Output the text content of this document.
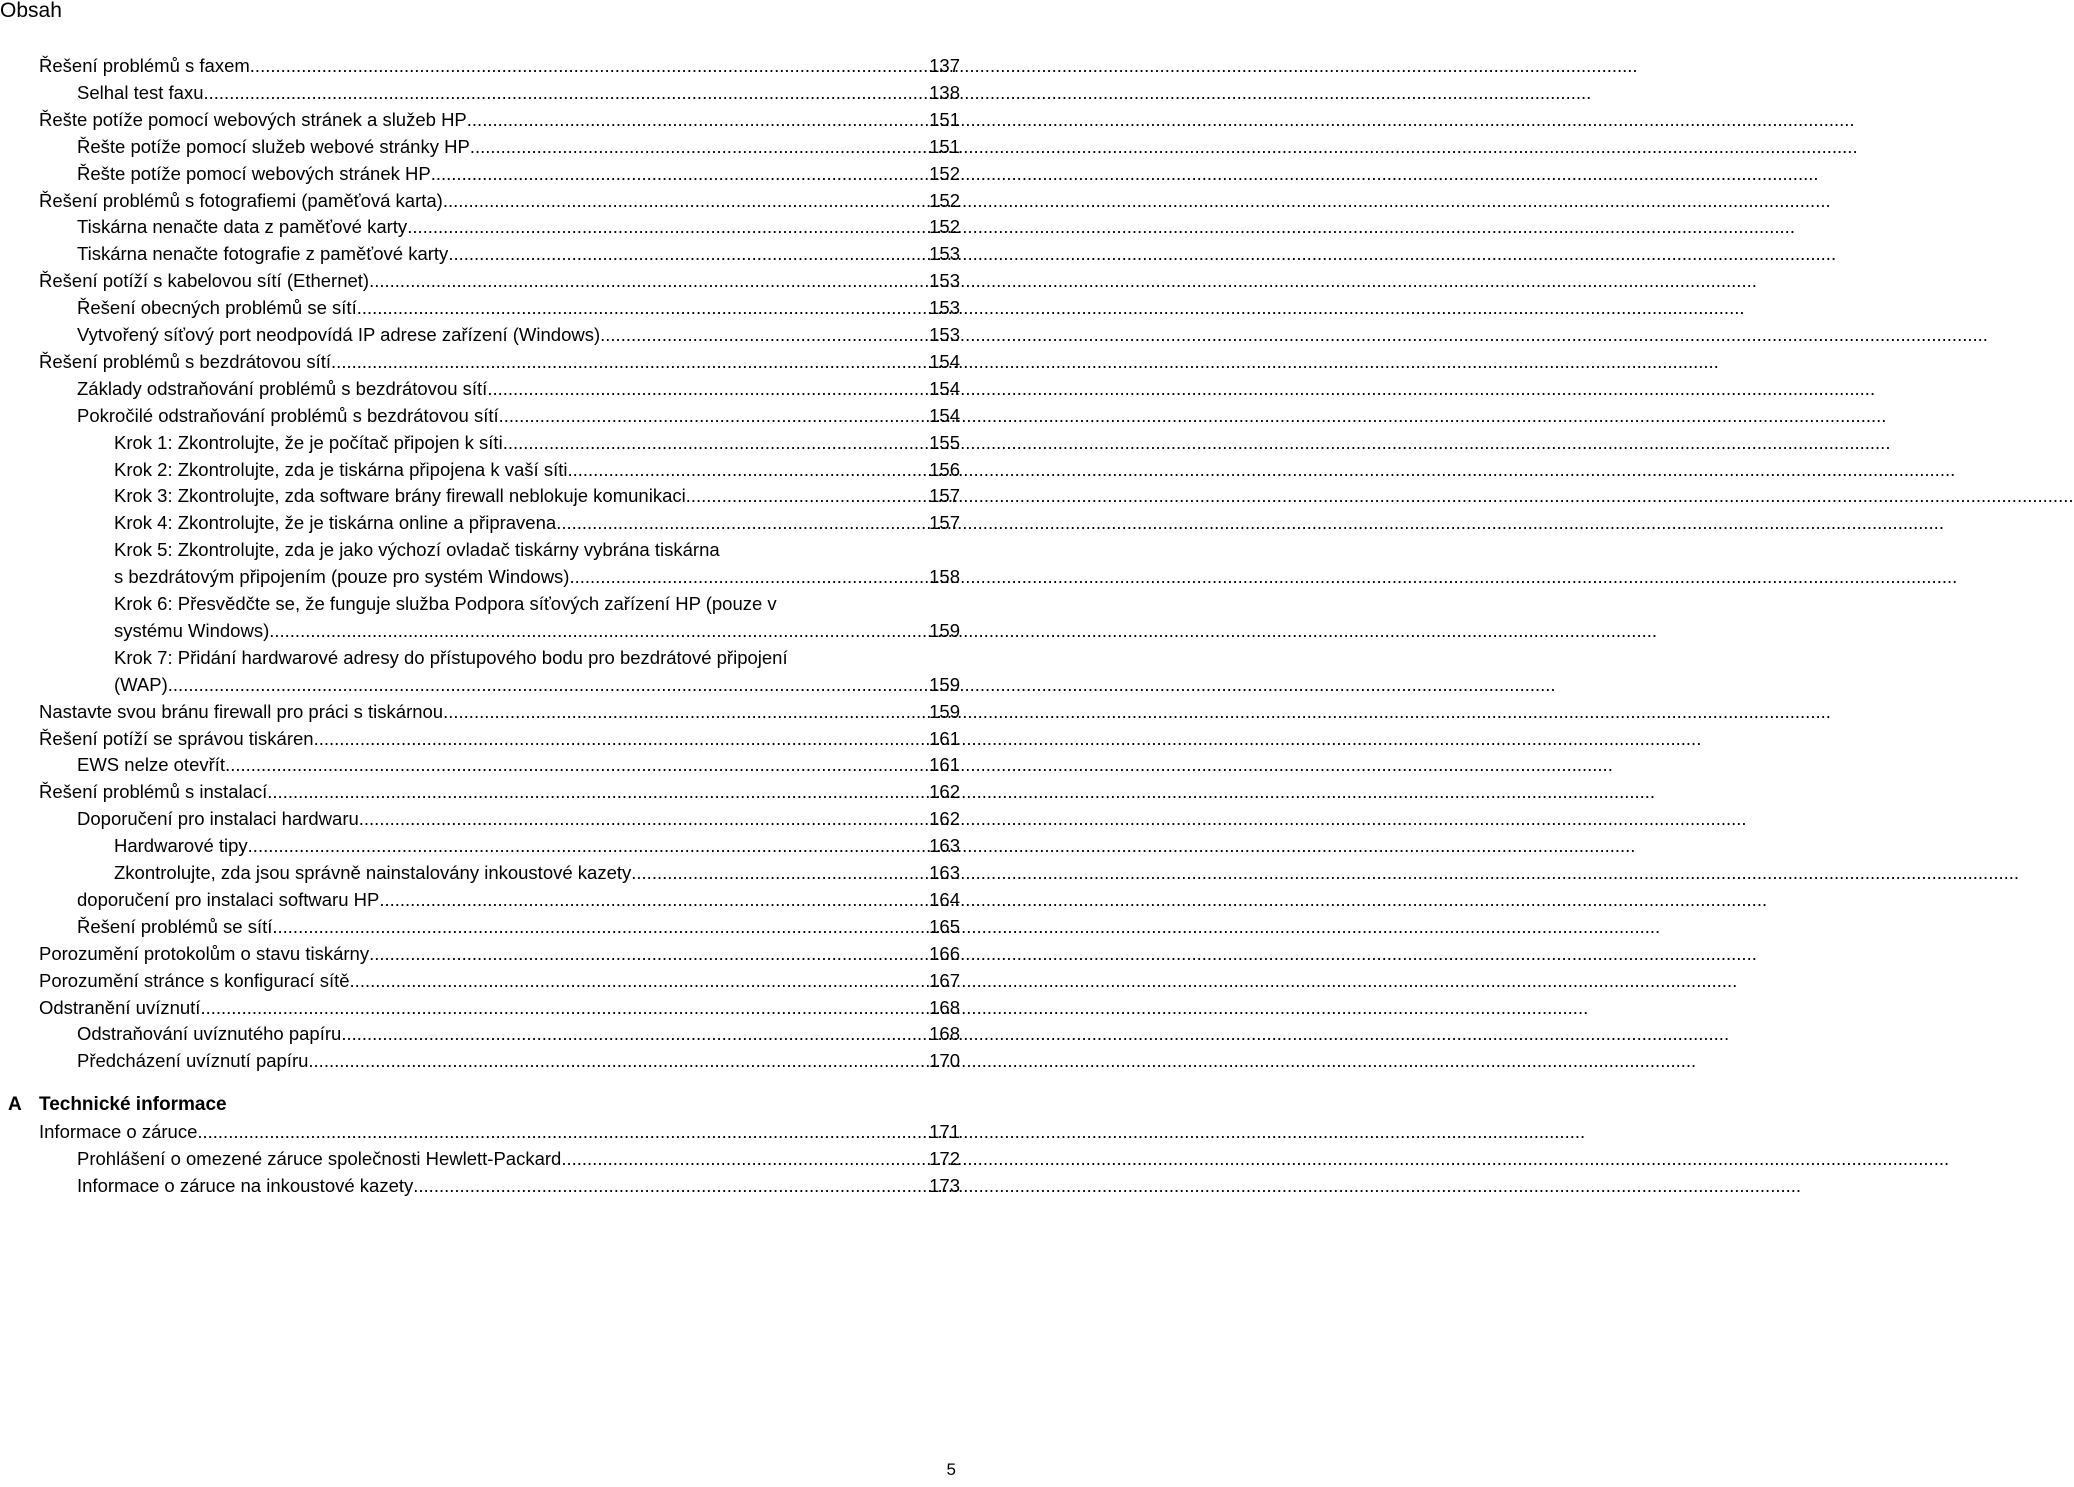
Obsah
Řešení problémů s faxem .....	137
Selhal test faxu .....	138
Řešte potíže pomocí webových stránek a služeb HP .....	151
Řešte potíže pomocí služeb webové stránky HP .....	151
Řešte potíže pomocí webových stránek HP .....	152
Řešení problémů s fotografiemi (paměťová karta) .....	152
Tiskárna nenačte data z paměťové karty .....	152
Tiskárna nenačte fotografie z paměťové karty .....	153
Řešení potíží s kabelovou sítí (Ethernet) .....	153
Řešení obecných problémů se sítí .....	153
Vytvořený síťový port neodpovídá IP adrese zařízení (Windows) .....	153
Řešení problémů s bezdrátovou sítí .....	154
Základy odstraňování problémů s bezdrátovou sítí .....	154
Pokročilé odstraňování problémů s bezdrátovou sítí .....	154
Krok 1: Zkontrolujte, že je počítač připojen k síti .....	155
Krok 2: Zkontrolujte, zda je tiskárna připojena k vaší síti .....	156
Krok 3: Zkontrolujte, zda software brány firewall neblokuje komunikaci .....	157
Krok 4: Zkontrolujte, že je tiskárna online a připravena .....	157
Krok 5: Zkontrolujte, zda je jako výchozí ovladač tiskárny vybrána tiskárna
s bezdrátovým připojením (pouze pro systém Windows) .....	158
Krok 6: Přesvědčte se, že funguje služba Podpora síťových zařízení HP (pouze v
systému Windows) .....	159
Krok 7: Přidání hardwarové adresy do přístupového bodu pro bezdrátové připojení
(WAP) .....	159
Nastavte svou bránu firewall pro práci s tiskárnou .....	159
Řešení potíží se správou tiskáren .....	161
EWS nelze otevřít .....	161
Řešení problémů s instalací .....	162
Doporučení pro instalaci hardwaru .....	162
Hardwarové tipy .....	163
Zkontrolujte, zda jsou správně nainstalovány inkoustové kazety .....	163
doporučení pro instalaci softwaru HP .....	164
Řešení problémů se sítí .....	165
Porozumění protokolům o stavu tiskárny .....	166
Porozumění stránce s konfigurací sítě .....	167
Odstranění uvíznutí .....	168
Odstraňování uvíznutého papíru .....	168
Předcházení uvíznutí papíru .....	170
A Technické informace
Informace o záruce .....	171
Prohlášení o omezené záruce společnosti Hewlett-Packard .....	172
Informace o záruce na inkoustové kazety .....	173
5
